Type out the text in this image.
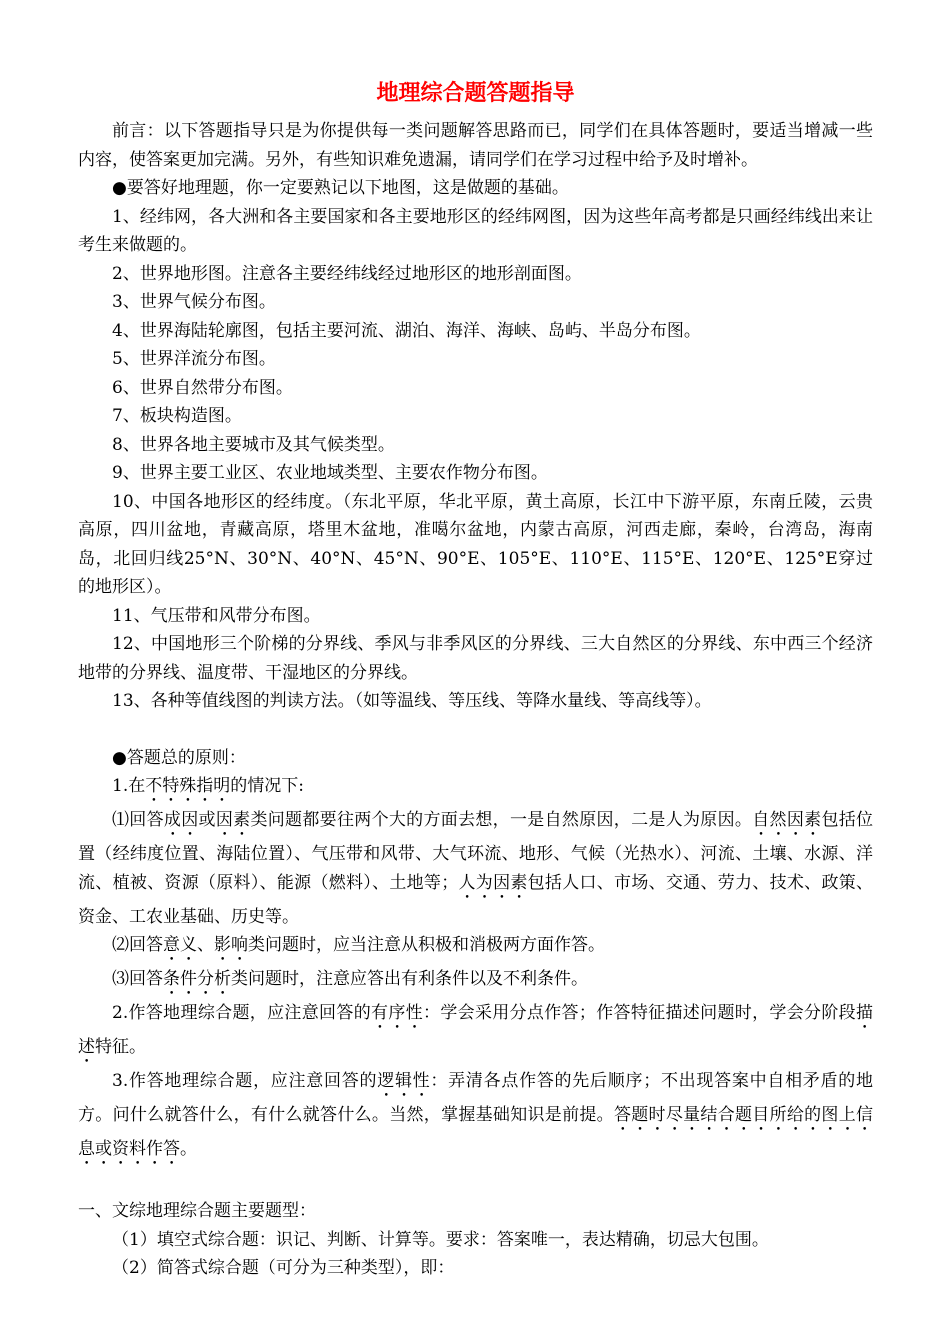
地理综合题答题指导

前言：以下答题指导只是为你提供每一类问题解答思路而已，同学们在具体答题时，要适当增减一些内容，使答案更加完满。另外，有些知识难免遗漏，请同学们在学习过程中给予及时增补。

●要答好地理题，你一定要熟记以下地图，这是做题的基础。

1、经纬网，各大洲和各主要国家和各主要地形区的经纬网图，因为这些年高考都是只画经纬线出来让考生来做题的。

2、世界地形图。注意各主要经纬线经过地形区的地形剖面图。

3、世界气候分布图。

4、世界海陆轮廓图，包括主要河流、湖泊、海洋、海峡、岛屿、半岛分布图。

5、世界洋流分布图。

6、世界自然带分布图。

7、板块构造图。

8、世界各地主要城市及其气候类型。

9、世界主要工业区、农业地域类型、主要农作物分布图。

10、中国各地形区的经纬度。（东北平原，华北平原，黄土高原，长江中下游平原，东南丘陵，云贵高原，四川盆地，青藏高原，塔里木盆地，准噶尔盆地，内蒙古高原，河西走廊，秦岭，台湾岛，海南岛，北回归线25°N、30°N、40°N、45°N、90°E、105°E、110°E、115°E、120°E、125°E穿过的地形区）。

11、气压带和风带分布图。

12、中国地形三个阶梯的分界线、季风与非季风区的分界线、三大自然区的分界线、东中西三个经济地带的分界线、温度带、干湿地区的分界线。

13、各种等值线图的判读方法。（如等温线、等压线、等降水量线、等高线等）。

●答题总的原则：

1.在不特殊指明的情况下:

⑴回答成因或因素类问题都要往两个大的方面去想，一是自然原因，二是人为原因。自然因素包括位置（经纬度位置、海陆位置）、气压带和风带、大气环流、地形、气候（光热水）、河流、土壤、水源、洋流、植被、资源（原料）、能源（燃料）、土地等；人为因素包括人口、市场、交通、劳力、技术、政策、资金、工农业基础、历史等。

⑵回答意义、影响类问题时，应当注意从积极和消极两方面作答。

⑶回答条件分析类问题时，注意应答出有利条件以及不利条件。

2.作答地理综合题，应注意回答的有序性：学会采用分点作答；作答特征描述问题时，学会分阶段描述特征。

3.作答地理综合题，应注意回答的逻辑性：弄清各点作答的先后顺序；不出现答案中自相矛盾的地方。问什么就答什么，有什么就答什么。当然，掌握基础知识是前提。答题时尽量结合题目所给的图上信息或资料作答。

一、文综地理综合题主要题型：

（1）填空式综合题：识记、判断、计算等。要求：答案唯一，表达精确，切忌大包围。

（2）简答式综合题（可分为三种类型），即：
